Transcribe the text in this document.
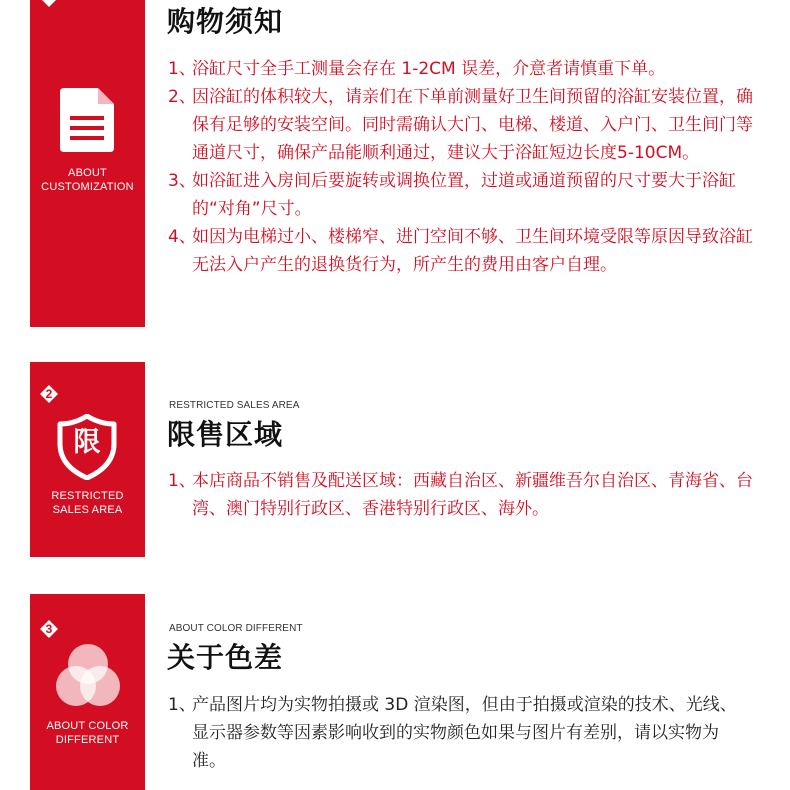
ABOUT
CUSTOMIZATION
购物须知
1、
浴缸尺寸全手工测量会存在 1-2CM 误差，介意者请慎重下单。
2、
因浴缸的体积较大，请亲们在下单前测量好卫生间预留的浴缸安装位置，确保有足够的安装空间。同时需确认大门、电梯、楼道、入户门、卫生间门等通道尺寸，确保产品能顺利通过，建议大于浴缸短边长度5-10CM。
3、
如浴缸进入房间后要旋转或调换位置，过道或通道预留的尺寸要大于浴缸的“对角”尺寸。
4、
如因为电梯过小、楼梯窄、进门空间不够、卫生间环境受限等原因导致浴缸无法入户产生的退换货行为，所产生的费用由客户自理。
2
限
RESTRICTED
SALES AREA
RESTRICTED SALES AREA
限售区域
1、
本店商品不销售及配送区域：西藏自治区、新疆维吾尔自治区、青海省、台湾、澳门特别行政区、香港特别行政区、海外。
3
ABOUT COLOR
DIFFERENT
ABOUT COLOR DIFFERENT
关于色差
1、
产品图片均为实物拍摄或 3D 渲染图，但由于拍摄或渲染的技术、光线、显示器参数等因素影响收到的实物颜色如果与图片有差别，请以实物为准。
